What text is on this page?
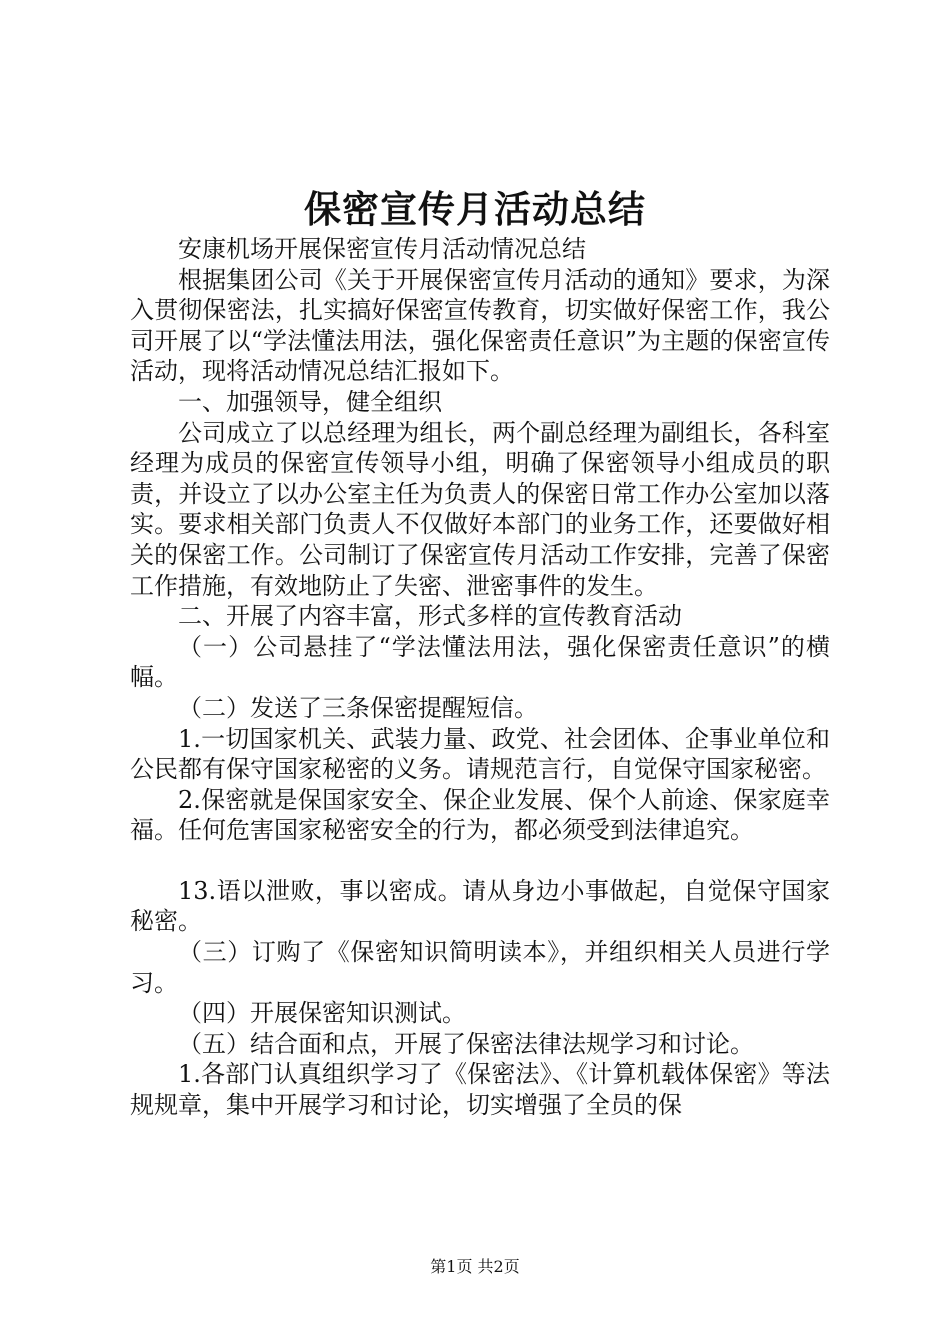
保密宣传月活动总结

安康机场开展保密宣传月活动情况总结

根据集团公司《关于开展保密宣传月活动的通知》要求，为深入贯彻保密法，扎实搞好保密宣传教育，切实做好保密工作，我公司开展了以“学法懂法用法，强化保密责任意识”为主题的保密宣传活动，现将活动情况总结汇报如下。

一、加强领导，健全组织

公司成立了以总经理为组长，两个副总经理为副组长，各科室经理为成员的保密宣传领导小组，明确了保密领导小组成员的职责，并设立了以办公室主任为负责人的保密日常工作办公室加以落实。要求相关部门负责人不仅做好本部门的业务工作，还要做好相关的保密工作。公司制订了保密宣传月活动工作安排，完善了保密工作措施，有效地防止了失密、泄密事件的发生。

二、开展了内容丰富，形式多样的宣传教育活动

（一）公司悬挂了“学法懂法用法，强化保密责任意识”的横幅。

（二）发送了三条保密提醒短信。

1.一切国家机关、武装力量、政党、社会团体、企事业单位和公民都有保守国家秘密的义务。请规范言行，自觉保守国家秘密。

2.保密就是保国家安全、保企业发展、保个人前途、保家庭幸福。任何危害国家秘密安全的行为，都必须受到法律追究。

13.语以泄败，事以密成。请从身边小事做起，自觉保守国家秘密。

（三）订购了《保密知识简明读本》，并组织相关人员进行学习。

（四）开展保密知识测试。

（五）结合面和点，开展了保密法律法规学习和讨论。

1.各部门认真组织学习了《保密法》、《计算机载体保密》等法规规章，集中开展学习和讨论，切实增强了全员的保

第1页 共2页
